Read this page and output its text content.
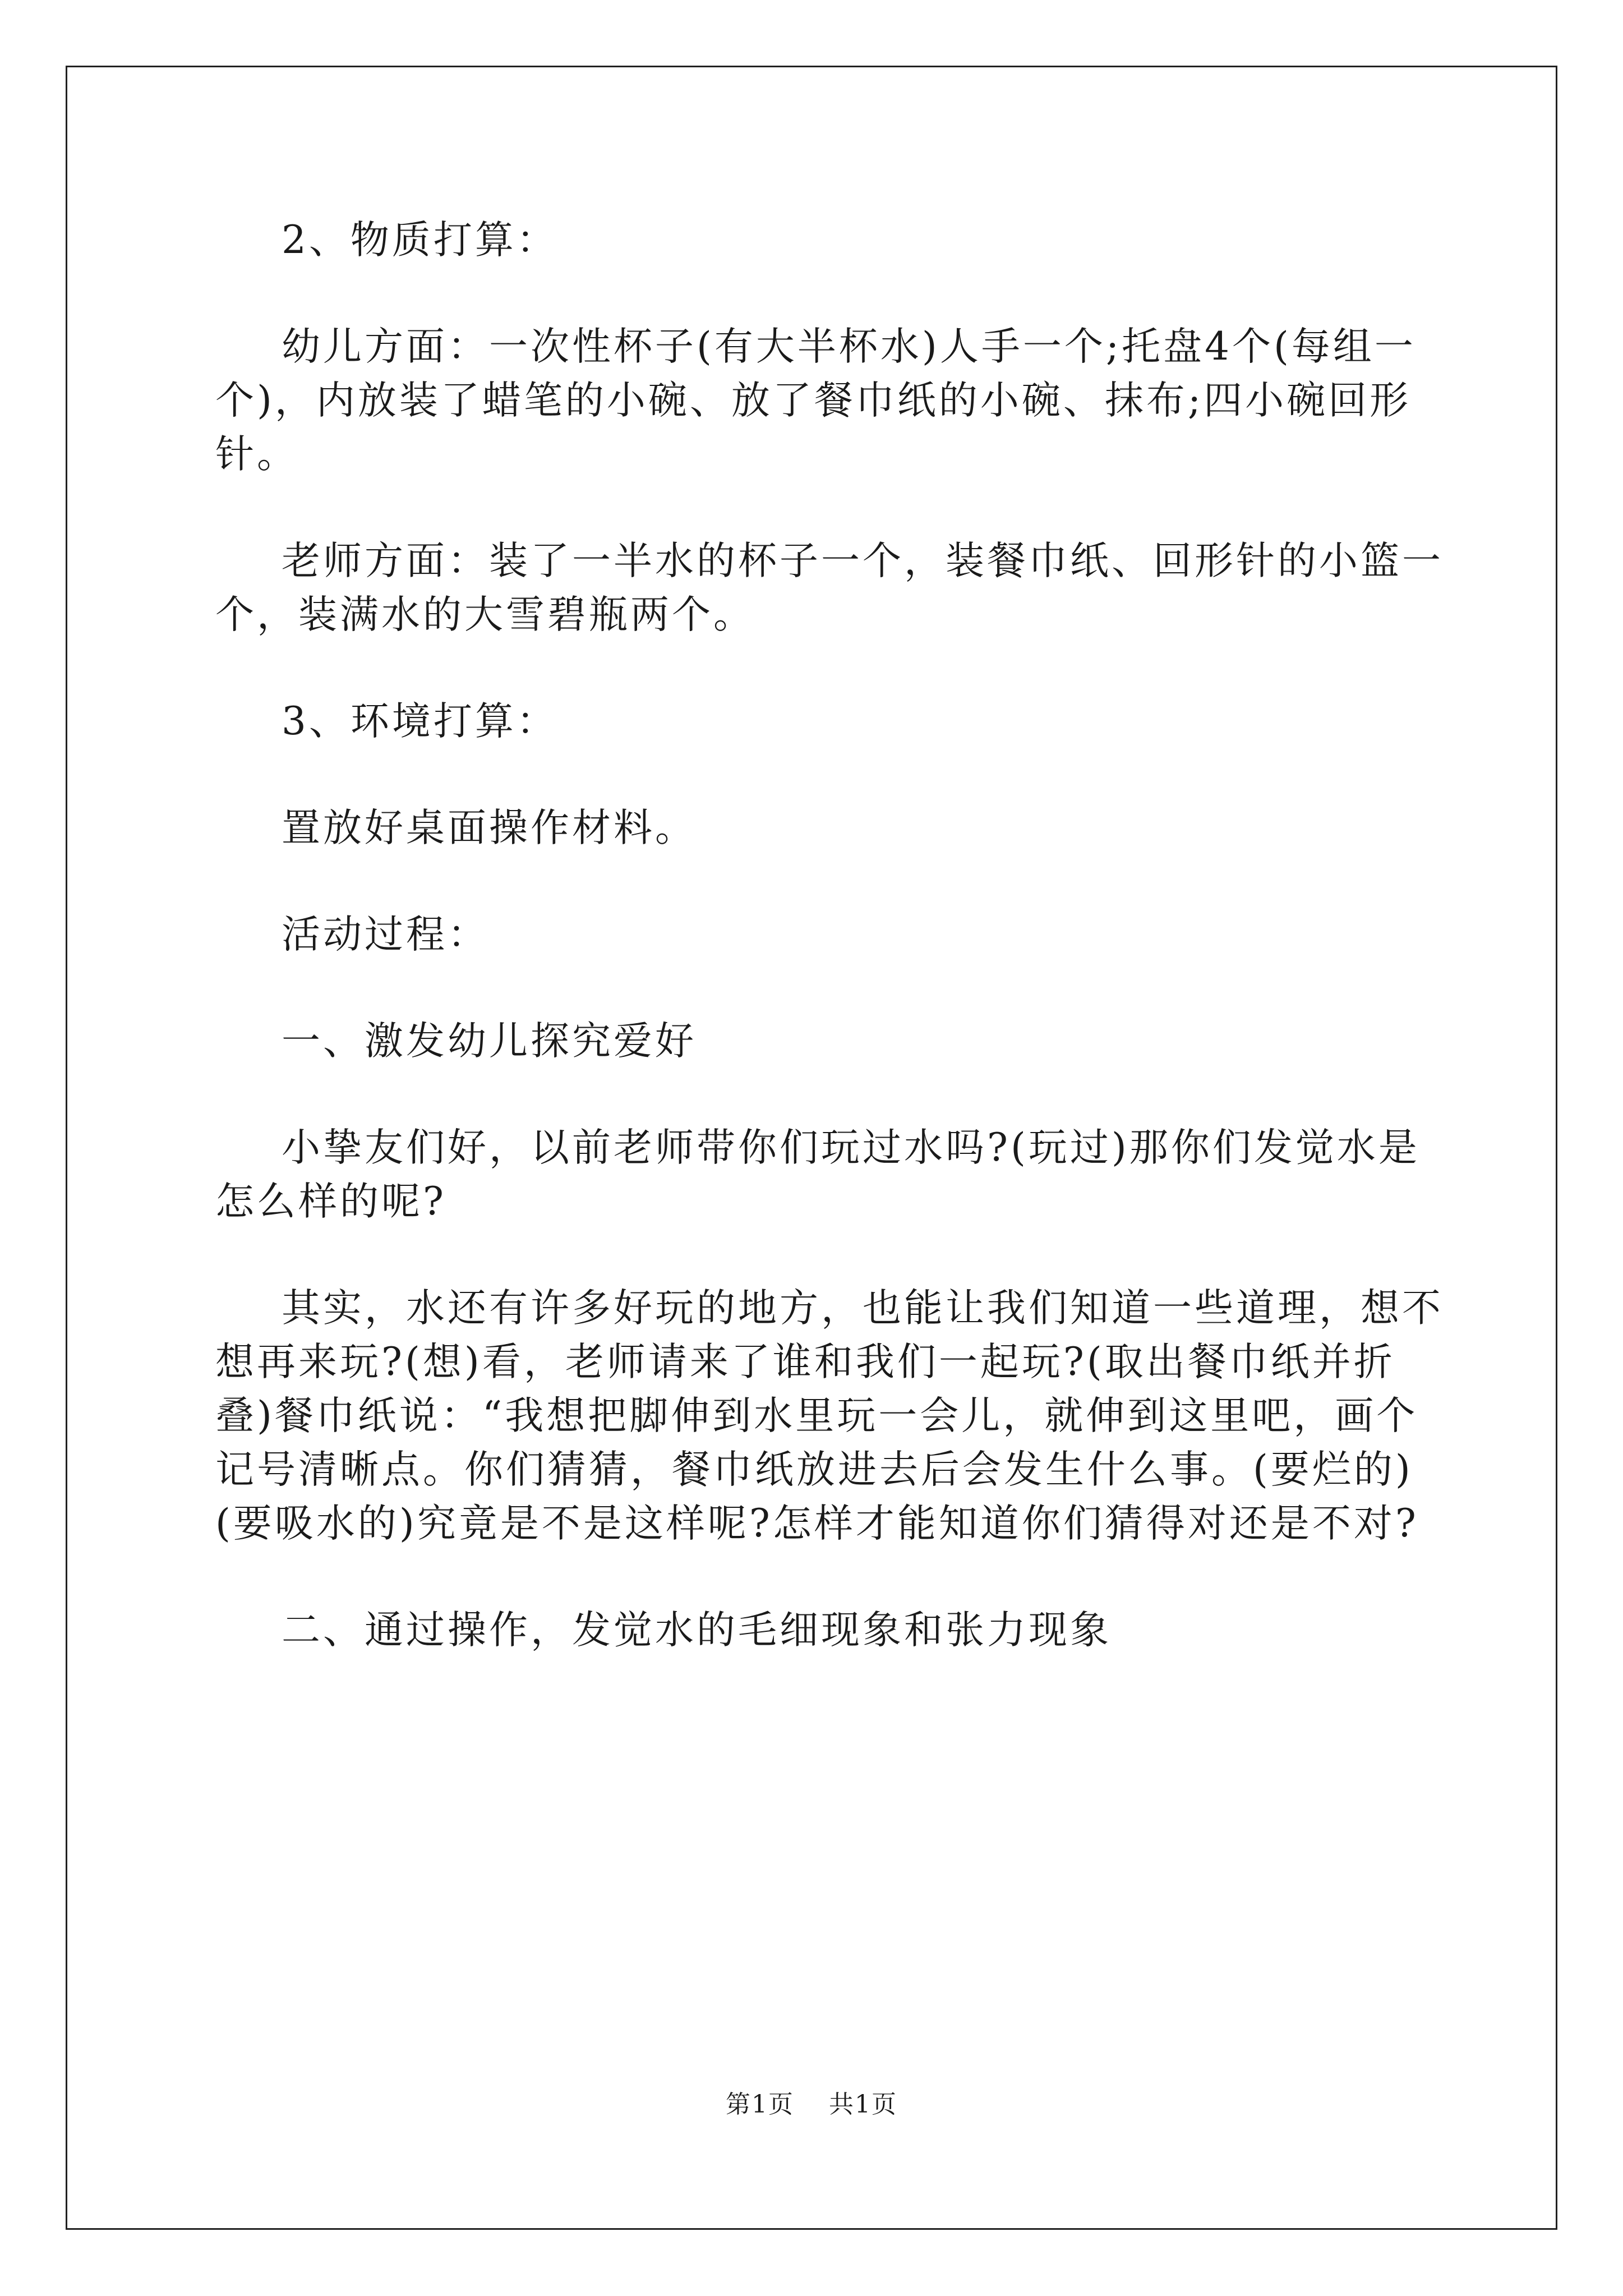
2、物质打算：

幼儿方面：一次性杯子(有大半杯水)人手一个;托盘4个(每组一个)，内放装了蜡笔的小碗、放了餐巾纸的小碗、抹布;四小碗回形针。

老师方面：装了一半水的杯子一个，装餐巾纸、回形针的小篮一个，装满水的大雪碧瓶两个。

3、环境打算：

置放好桌面操作材料。

活动过程：

一、激发幼儿探究爱好

小挚友们好，以前老师带你们玩过水吗?(玩过)那你们发觉水是怎么样的呢?

其实，水还有许多好玩的地方，也能让我们知道一些道理，想不想再来玩?(想)看，老师请来了谁和我们一起玩?(取出餐巾纸并折叠)餐巾纸说：“我想把脚伸到水里玩一会儿，就伸到这里吧，画个记号清晰点。你们猜猜，餐巾纸放进去后会发生什么事。(要烂的)(要吸水的)究竟是不是这样呢?怎样才能知道你们猜得对还是不对?

二、通过操作，发觉水的毛细现象和张力现象

第1页 共1页
